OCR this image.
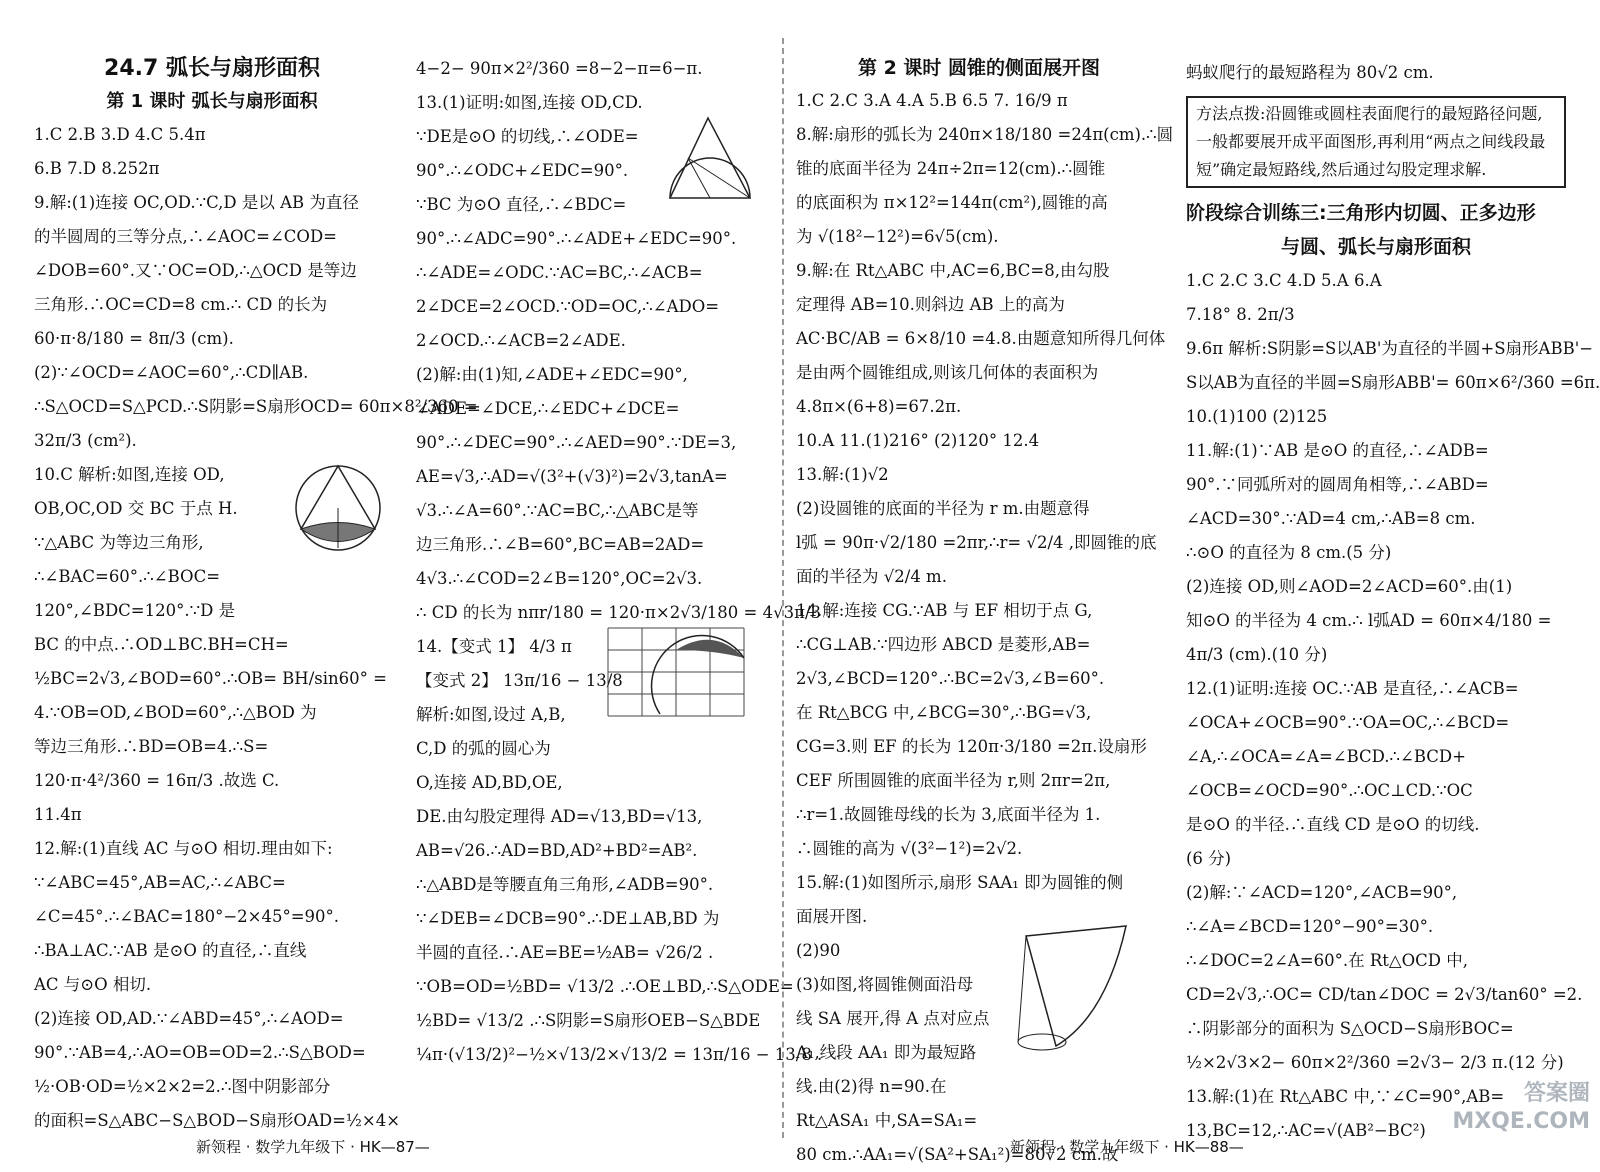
24.7 弧长与扇形面积
第 1 课时 弧长与扇形面积
1.C 2.B 3.D 4.C 5.4π
6.B 7.D 8.252π
9.解:(1)连接 OC,OD.∵C,D 是以 AB 为直径
的半圆周的三等分点,∴∠AOC=∠COD=
∠DOB=60°.又∵OC=OD,∴△OCD 是等边
三角形.∴OC=CD=8 cm.∴ CD 的长为
60·π·8/180 = 8π/3 (cm).
(2)∵∠OCD=∠AOC=60°,∴CD∥AB.
∴S△OCD=S△PCD.∴S阴影=S扇形OCD= 60π×8²/360 =
32π/3 (cm²).
10.C 解析:如图,连接 OD,
OB,OC,OD 交 BC 于点 H.
∵△ABC 为等边三角形,
∴∠BAC=60°.∴∠BOC=
120°,∠BDC=120°.∵D 是
BC 的中点.∴OD⊥BC.BH=CH=
½BC=2√3,∠BOD=60°.∴OB= BH/sin60° =
4.∵OB=OD,∠BOD=60°,∴△BOD 为
等边三角形.∴BD=OB=4.∴S=
120·π·4²/360 = 16π/3 .故选 C.
11.4π
12.解:(1)直线 AC 与⊙O 相切.理由如下:
∵∠ABC=45°,AB=AC,∴∠ABC=
∠C=45°.∴∠BAC=180°−2×45°=90°.
∴BA⊥AC.∵AB 是⊙O 的直径,∴直线
AC 与⊙O 相切.
(2)连接 OD,AD.∵∠ABD=45°,∴∠AOD=
90°.∵AB=4,∴AO=OB=OD=2.∴S△BOD=
½·OB·OD=½×2×2=2.∴图中阴影部分
的面积=S△ABC−S△BOD−S扇形OAD=½×4×
4−2− 90π×2²/360 =8−2−π=6−π.
13.(1)证明:如图,连接 OD,CD.
∵DE是⊙O 的切线,∴∠ODE=
90°.∴∠ODC+∠EDC=90°.
∵BC 为⊙O 直径,∴∠BDC=
90°.∴∠ADC=90°.∴∠ADE+∠EDC=90°.
∴∠ADE=∠ODC.∵AC=BC,∴∠ACB=
2∠DCE=2∠OCD.∵OD=OC,∴∠ADO=
2∠OCD.∴∠ACB=2∠ADE.
(2)解:由(1)知,∠ADE+∠EDC=90°,
∠ADE=∠DCE,∴∠EDC+∠DCE=
90°.∴∠DEC=90°.∴∠AED=90°.∵DE=3,
AE=√3,∴AD=√(3²+(√3)²)=2√3,tanA=
√3.∴∠A=60°.∵AC=BC,∴△ABC是等
边三角形.∴∠B=60°,BC=AB=2AD=
4√3.∴∠COD=2∠B=120°,OC=2√3.
∴ CD 的长为 nπr/180 = 120·π×2√3/180 = 4√3π/3 .
14.【变式 1】 4/3 π
【变式 2】 13π/16 − 13/8
解析:如图,设过 A,B,
C,D 的弧的圆心为
O,连接 AD,BD,OE,
DE.由勾股定理得 AD=√13,BD=√13,
AB=√26.∴AD=BD,AD²+BD²=AB².
∴△ABD是等腰直角三角形,∠ADB=90°.
∵∠DEB=∠DCB=90°.∴DE⊥AB,BD 为
半圆的直径.∴AE=BE=½AB= √26/2 .
∵OB=OD=½BD= √13/2 .∴OE⊥BD,∴S△ODE=
½BD= √13/2 .∴S阴影=S扇形OEB−S△BDE
¼π·(√13/2)²−½×√13/2×√13/2 = 13π/16 − 13/8 .
第 2 课时 圆锥的侧面展开图
1.C 2.C 3.A 4.A 5.B 6.5 7. 16/9 π
8.解:扇形的弧长为 240π×18/180 =24π(cm).∴圆
锥的底面半径为 24π÷2π=12(cm).∴圆锥
的底面积为 π×12²=144π(cm²),圆锥的高
为 √(18²−12²)=6√5(cm).
9.解:在 Rt△ABC 中,AC=6,BC=8,由勾股
定理得 AB=10.则斜边 AB 上的高为
AC·BC/AB = 6×8/10 =4.8.由题意知所得几何体
是由两个圆锥组成,则该几何体的表面积为
4.8π×(6+8)=67.2π.
10.A 11.(1)216° (2)120° 12.4
13.解:(1)√2
(2)设圆锥的底面的半径为 r m.由题意得
l弧 = 90π·√2/180 =2πr,∴r= √2/4 ,即圆锥的底
面的半径为 √2/4 m.
14.解:连接 CG.∵AB 与 EF 相切于点 G,
∴CG⊥AB.∵四边形 ABCD 是菱形,AB=
2√3,∠BCD=120°.∴BC=2√3,∠B=60°.
在 Rt△BCG 中,∠BCG=30°,∴BG=√3,
CG=3.则 EF 的长为 120π·3/180 =2π.设扇形
CEF 所围圆锥的底面半径为 r,则 2πr=2π,
∴r=1.故圆锥母线的长为 3,底面半径为 1.
∴圆锥的高为 √(3²−1²)=2√2.
15.解:(1)如图所示,扇形 SAA₁ 即为圆锥的侧
面展开图.
(2)90
(3)如图,将圆锥侧面沿母
线 SA 展开,得 A 点对应点
A₁,线段 AA₁ 即为最短路
线.由(2)得 n=90.在
Rt△ASA₁ 中,SA=SA₁=
80 cm.∴AA₁=√(SA²+SA₁²)=80√2 cm.故
蚂蚁爬行的最短路程为 80√2 cm.
方法点拨:沿圆锥或圆柱表面爬行的最短路径问题,一般都要展开成平面图形,再利用“两点之间线段最短”确定最短路线,然后通过勾股定理求解.
阶段综合训练三:三角形内切圆、正多边形
与圆、弧长与扇形面积
1.C 2.C 3.C 4.D 5.A 6.A
7.18° 8. 2π/3
9.6π 解析:S阴影=S以AB'为直径的半圆+S扇形ABB'−
S以AB为直径的半圆=S扇形ABB'= 60π×6²/360 =6π.
10.(1)100 (2)125
11.解:(1)∵AB 是⊙O 的直径,∴∠ADB=
90°.∵同弧所对的圆周角相等,∴∠ABD=
∠ACD=30°.∵AD=4 cm,∴AB=8 cm.
∴⊙O 的直径为 8 cm.(5 分)
(2)连接 OD,则∠AOD=2∠ACD=60°.由(1)
知⊙O 的半径为 4 cm.∴ l弧AD = 60π×4/180 =
4π/3 (cm).(10 分)
12.(1)证明:连接 OC.∵AB 是直径,∴∠ACB=
∠OCA+∠OCB=90°.∵OA=OC,∴∠BCD=
∠A,∴∠OCA=∠A=∠BCD.∴∠BCD+
∠OCB=∠OCD=90°.∴OC⊥CD.∵OC
是⊙O 的半径.∴直线 CD 是⊙O 的切线.
(6 分)
(2)解:∵∠ACD=120°,∠ACB=90°,
∴∠A=∠BCD=120°−90°=30°.
∴∠DOC=2∠A=60°.在 Rt△OCD 中,
CD=2√3,∴OC= CD/tan∠DOC = 2√3/tan60° =2.
∴阴影部分的面积为 S△OCD−S扇形BOC=
½×2√3×2− 60π×2²/360 =2√3− 2/3 π.(12 分)
13.解:(1)在 Rt△ABC 中,∵∠C=90°,AB=
13,BC=12,∴AC=√(AB²−BC²)
新领程 · 数学九年级下 · HK—87—	新领程 · 数学九年级下 · HK—88—
答案圈 MXQE.COM
